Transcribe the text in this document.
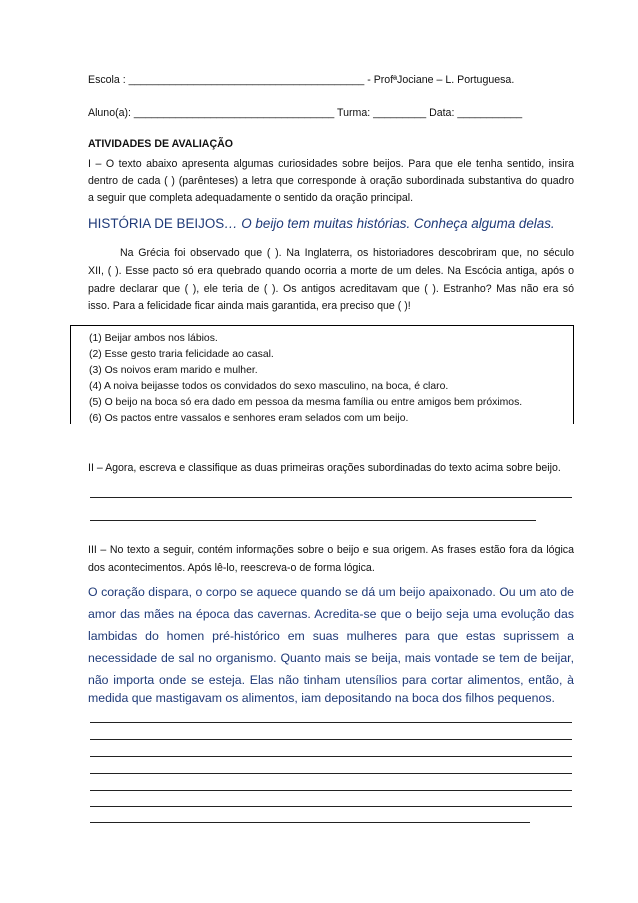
Escola : ________________________________________ - ProfªJociane – L. Portuguesa.
Aluno(a): __________________________________ Turma: _________ Data: ___________
ATIVIDADES DE AVALIAÇÃO
I – O texto abaixo apresenta algumas curiosidades sobre beijos. Para que ele tenha sentido, insira
dentro de cada ( ) (parênteses) a letra que corresponde à oração subordinada substantiva do quadro
a seguir que completa adequadamente o sentido da oração principal.
HISTÓRIA DE BEIJOS… O beijo tem muitas histórias. Conheça alguma delas.
Na Grécia foi observado que ( ). Na Inglaterra, os historiadores descobriram que, no século
XII, ( ). Esse pacto só era quebrado quando ocorria a morte de um deles. Na Escócia antiga, após o
padre declarar que ( ), ele teria de ( ). Os antigos acreditavam que ( ). Estranho? Mas não era só
isso. Para a felicidade ficar ainda mais garantida, era preciso que ( )!
(1) Beijar ambos nos lábios.
(2) Esse gesto traria felicidade ao casal.
(3) Os noivos eram marido e mulher.
(4) A noiva beijasse todos os convidados do sexo masculino, na boca, é claro.
(5) O beijo na boca só era dado em pessoa da mesma família ou entre amigos bem próximos.
(6) Os pactos entre vassalos e senhores eram selados com um beijo.
II – Agora, escreva e classifique as duas primeiras orações subordinadas do texto acima sobre beijo.
III – No texto a seguir, contém informações sobre o beijo e sua origem. As frases estão fora da lógica
dos acontecimentos. Após lê-lo, reescreva-o de forma lógica.
O coração dispara, o corpo se aquece quando se dá um beijo apaixonado. Ou um ato de
amor das mães na época das cavernas. Acredita-se que o beijo seja uma evolução das
lambidas do homen pré-histórico em suas mulheres para que estas suprissem a
necessidade de sal no organismo. Quanto mais se beija, mais vontade se tem de beijar,
não importa onde se esteja. Elas não tinham utensílios para cortar alimentos, então, à
medida que mastigavam os alimentos, iam depositando na boca dos filhos pequenos.
